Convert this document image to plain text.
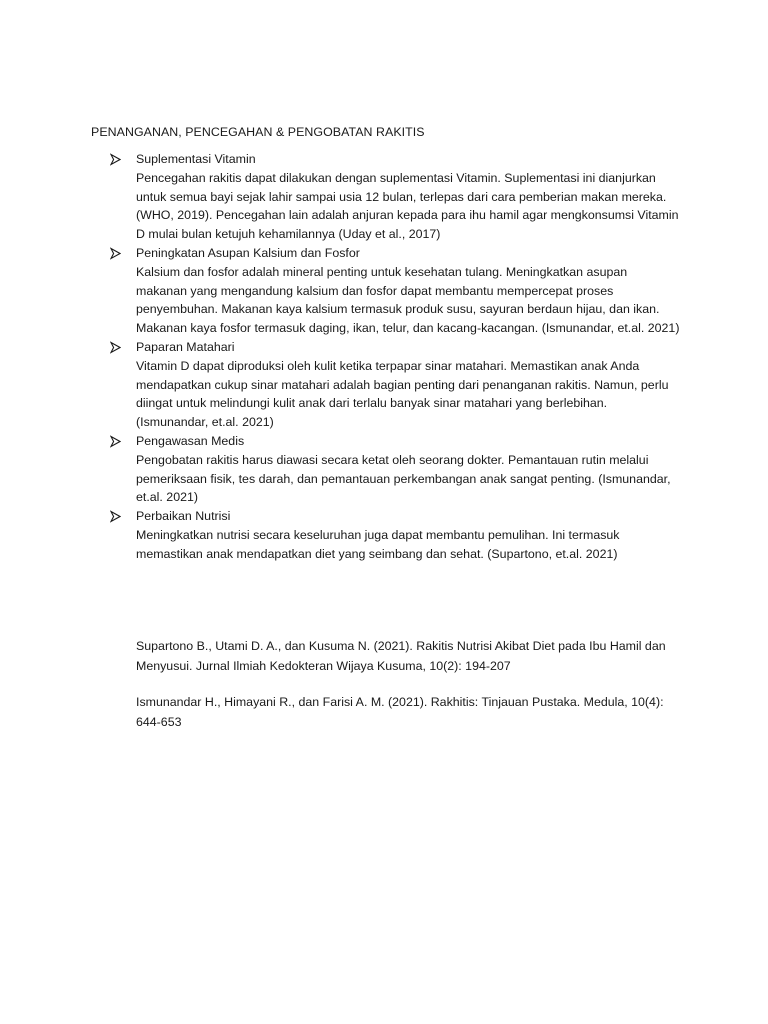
PENANGANAN, PENCEGAHAN & PENGOBATAN RAKITIS
Suplementasi Vitamin
Pencegahan rakitis dapat dilakukan dengan suplementasi Vitamin. Suplementasi ini dianjurkan untuk semua bayi sejak lahir sampai usia 12 bulan, terlepas dari cara pemberian makan mereka. (WHO, 2019). Pencegahan lain adalah anjuran kepada para ihu hamil agar mengkonsumsi Vitamin D mulai bulan ketujuh kehamilannya (Uday et al., 2017)
Peningkatan Asupan Kalsium dan Fosfor
Kalsium dan fosfor adalah mineral penting untuk kesehatan tulang. Meningkatkan asupan makanan yang mengandung kalsium dan fosfor dapat membantu mempercepat proses penyembuhan. Makanan kaya kalsium termasuk produk susu, sayuran berdaun hijau, dan ikan. Makanan kaya fosfor termasuk daging, ikan, telur, dan kacang-kacangan. (Ismunandar, et.al. 2021)
Paparan Matahari
Vitamin D dapat diproduksi oleh kulit ketika terpapar sinar matahari. Memastikan anak Anda mendapatkan cukup sinar matahari adalah bagian penting dari penanganan rakitis. Namun, perlu diingat untuk melindungi kulit anak dari terlalu banyak sinar matahari yang berlebihan. (Ismunandar, et.al. 2021)
Pengawasan Medis
Pengobatan rakitis harus diawasi secara ketat oleh seorang dokter. Pemantauan rutin melalui pemeriksaan fisik, tes darah, dan pemantauan perkembangan anak sangat penting. (Ismunandar, et.al. 2021)
Perbaikan Nutrisi
Meningkatkan nutrisi secara keseluruhan juga dapat membantu pemulihan. Ini termasuk memastikan anak mendapatkan diet yang seimbang dan sehat. (Supartono, et.al. 2021)

Supartono B., Utami D. A., dan Kusuma N. (2021). Rakitis Nutrisi Akibat Diet pada Ibu Hamil dan Menyusui. Jurnal Ilmiah Kedokteran Wijaya Kusuma, 10(2): 194-207

Ismunandar H., Himayani R., dan Farisi A. M. (2021). Rakhitis: Tinjauan Pustaka. Medula, 10(4): 644-653
